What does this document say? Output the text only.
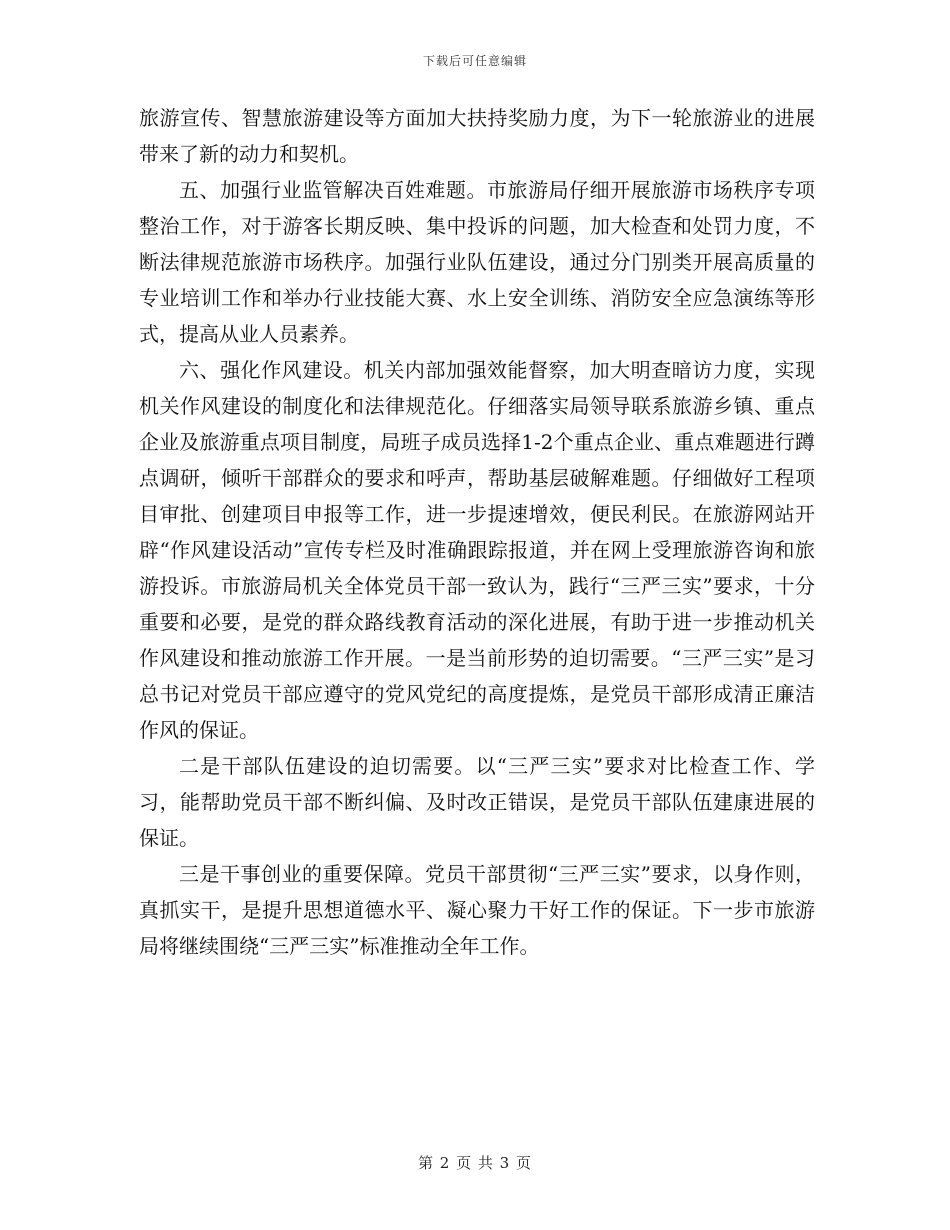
下载后可任意编辑

旅游宣传、智慧旅游建设等方面加大扶持奖励力度，为下一轮旅游业的进展带来了新的动力和契机。

五、加强行业监管解决百姓难题。市旅游局仔细开展旅游市场秩序专项整治工作，对于游客长期反映、集中投诉的问题，加大检查和处罚力度，不断法律规范旅游市场秩序。加强行业队伍建设，通过分门别类开展高质量的专业培训工作和举办行业技能大赛、水上安全训练、消防安全应急演练等形式，提高从业人员素养。

六、强化作风建设。机关内部加强效能督察，加大明查暗访力度，实现机关作风建设的制度化和法律规范化。仔细落实局领导联系旅游乡镇、重点企业及旅游重点项目制度，局班子成员选择1-2个重点企业、重点难题进行蹲点调研，倾听干部群众的要求和呼声，帮助基层破解难题。仔细做好工程项目审批、创建项目申报等工作，进一步提速增效，便民利民。在旅游网站开辟“作风建设活动”宣传专栏及时准确跟踪报道，并在网上受理旅游咨询和旅游投诉。市旅游局机关全体党员干部一致认为，践行“三严三实”要求，十分重要和必要，是党的群众路线教育活动的深化进展，有助于进一步推动机关作风建设和推动旅游工作开展。一是当前形势的迫切需要。“三严三实”是习总书记对党员干部应遵守的党风党纪的高度提炼，是党员干部形成清正廉洁作风的保证。

二是干部队伍建设的迫切需要。以“三严三实”要求对比检查工作、学习，能帮助党员干部不断纠偏、及时改正错误，是党员干部队伍建康进展的保证。

三是干事创业的重要保障。党员干部贯彻“三严三实”要求，以身作则，真抓实干，是提升思想道德水平、凝心聚力干好工作的保证。下一步市旅游局将继续围绕“三严三实”标准推动全年工作。

第 2 页 共 3 页
